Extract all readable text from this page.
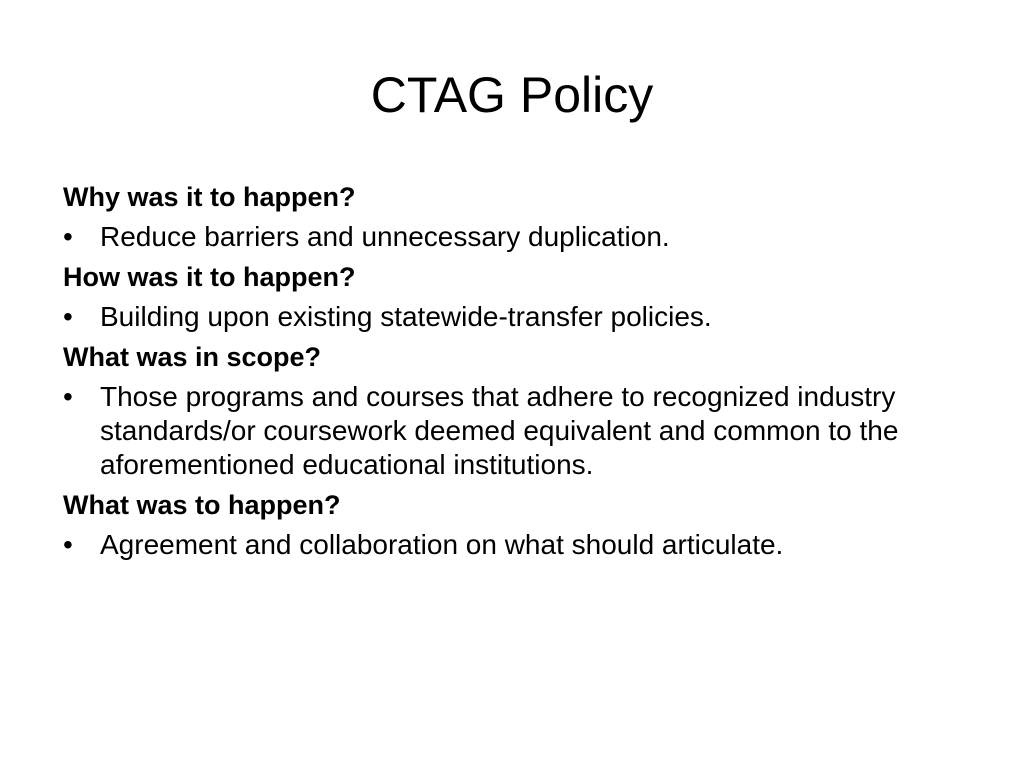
CTAG Policy
Why was it to happen?
• Reduce barriers and unnecessary duplication.
How was it to happen?
• Building upon existing statewide-transfer policies.
What was in scope?
• Those programs and courses that adhere to recognized industry standards/or coursework deemed equivalent and common to the aforementioned educational institutions.
What was to happen?
• Agreement and collaboration on what should articulate.
